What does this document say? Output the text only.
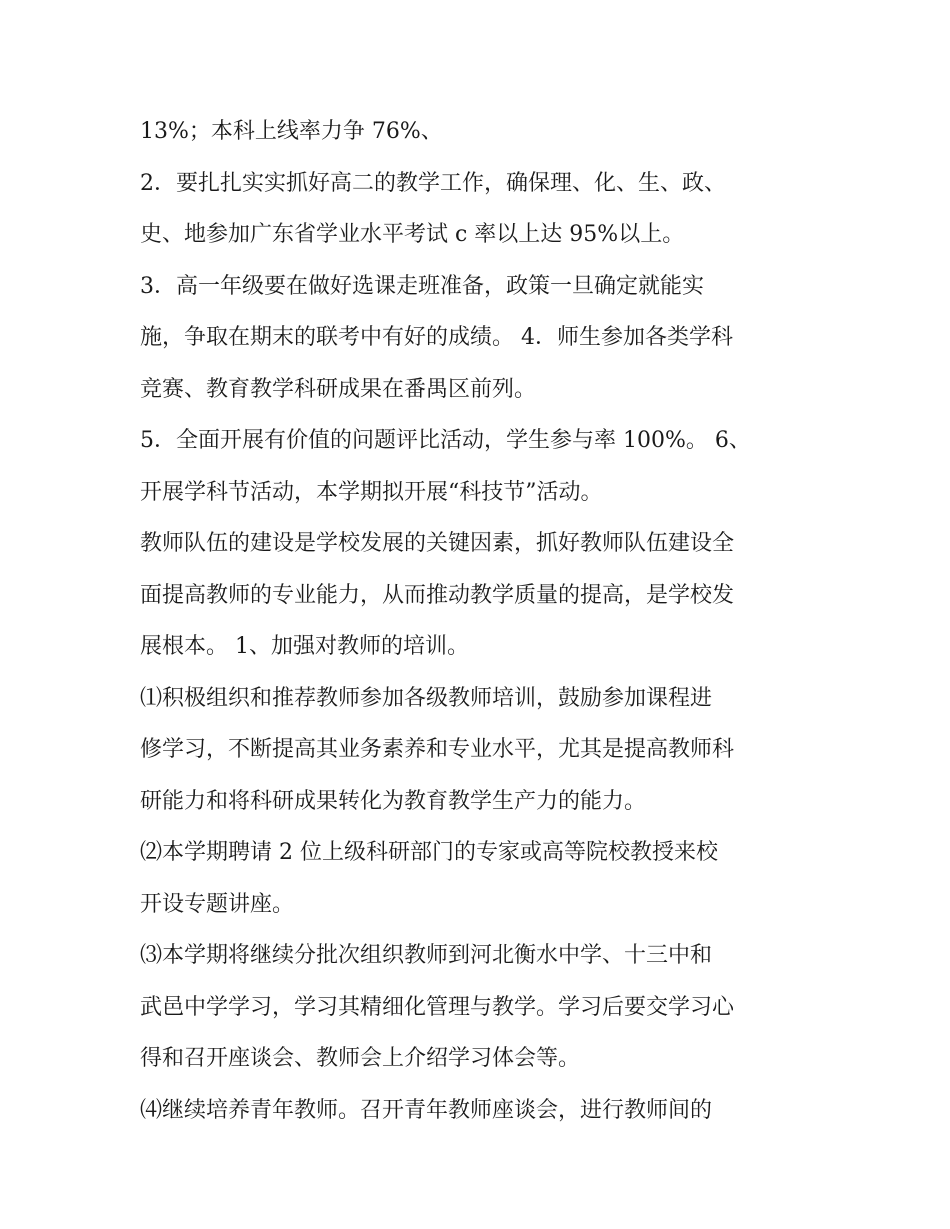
13%；本科上线率力争 76%、
2．要扎扎实实抓好高二的教学工作，确保理、化、生、政、
史、地参加广东省学业水平考试 c 率以上达 95%以上。
3．高一年级要在做好选课走班准备，政策一旦确定就能实
施，争取在期末的联考中有好的成绩。 4．师生参加各类学科
竞赛、教育教学科研成果在番禺区前列。
5．全面开展有价值的问题评比活动，学生参与率 100%。 6、
开展学科节活动，本学期拟开展“科技节”活动。
教师队伍的建设是学校发展的关键因素，抓好教师队伍建设全
面提高教师的专业能力，从而推动教学质量的提高，是学校发
展根本。 1、加强对教师的培训。
⑴积极组织和推荐教师参加各级教师培训，鼓励参加课程进
修学习，不断提高其业务素养和专业水平，尤其是提高教师科
研能力和将科研成果转化为教育教学生产力的能力。
⑵本学期聘请 2 位上级科研部门的专家或高等院校教授来校
开设专题讲座。
⑶本学期将继续分批次组织教师到河北衡水中学、十三中和
武邑中学学习，学习其精细化管理与教学。学习后要交学习心
得和召开座谈会、教师会上介绍学习体会等。
⑷继续培养青年教师。召开青年教师座谈会，进行教师间的
